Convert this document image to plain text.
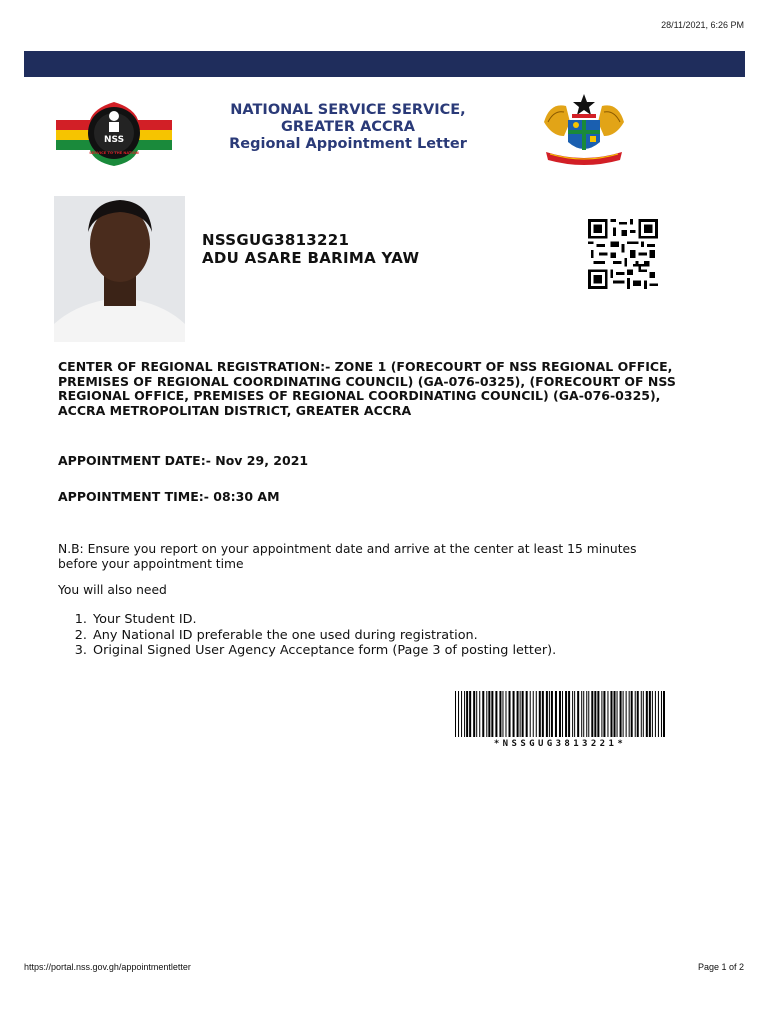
28/11/2021, 6:26 PM
NSS
SERVICE TO THE NATION
NATIONAL SERVICE SERVICE,
GREATER ACCRA
Regional Appointment Letter
NSSGUG3813221
ADU ASARE BARIMA YAW
CENTER OF REGIONAL REGISTRATION:- ZONE 1 (FORECOURT OF NSS REGIONAL OFFICE, PREMISES OF REGIONAL COORDINATING COUNCIL) (GA-076-0325), (FORECOURT OF NSS REGIONAL OFFICE, PREMISES OF REGIONAL COORDINATING COUNCIL) (GA-076-0325), ACCRA METROPOLITAN DISTRICT, GREATER ACCRA
APPOINTMENT DATE:- Nov 29, 2021
APPOINTMENT TIME:- 08:30 AM
N.B: Ensure you report on your appointment date and arrive at the center at least 15 minutes before your appointment time
You will also need
1. Your Student ID.
2. Any National ID preferable the one used during registration.
3. Original Signed User Agency Acceptance form (Page 3 of posting letter).
*NSSGUG3813221*
https://portal.nss.gov.gh/appointmentletter	Page 1 of 2
